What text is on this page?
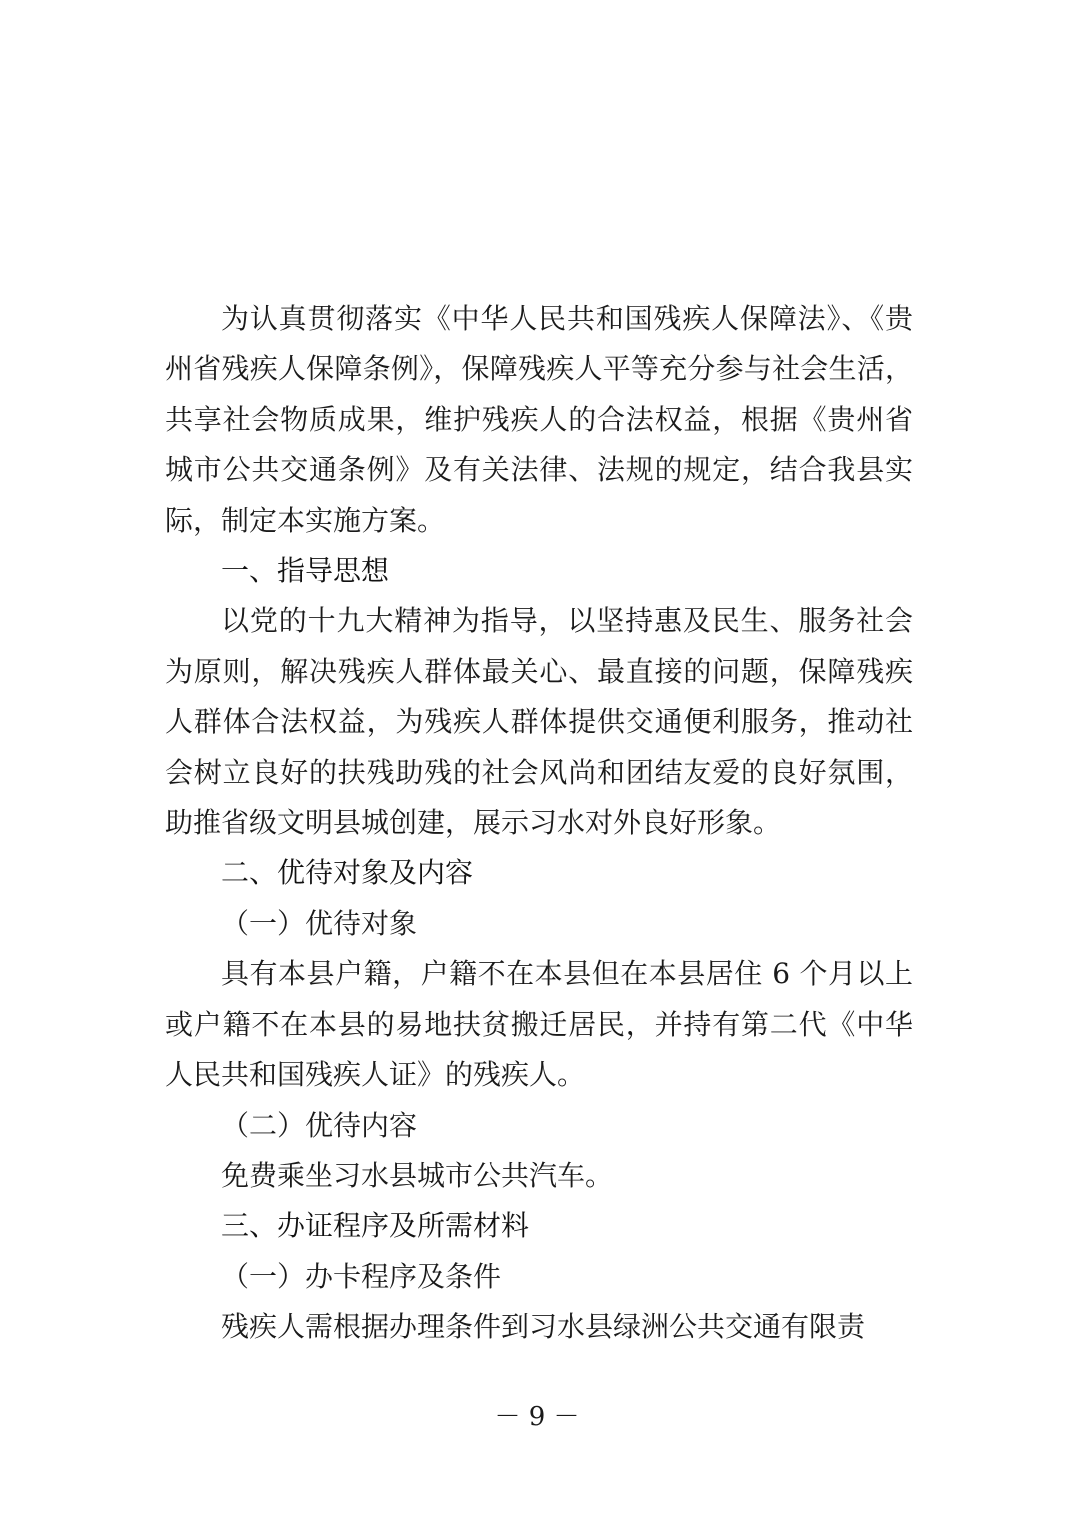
为认真贯彻落实《中华人民共和国残疾人保障法》、《贵州省残疾人保障条例》，保障残疾人平等充分参与社会生活，共享社会物质成果，维护残疾人的合法权益，根据《贵州省城市公共交通条例》及有关法律、法规的规定，结合我县实际，制定本实施方案。

一、指导思想

以党的十九大精神为指导，以坚持惠及民生、服务社会为原则，解决残疾人群体最关心、最直接的问题，保障残疾人群体合法权益，为残疾人群体提供交通便利服务，推动社会树立良好的扶残助残的社会风尚和团结友爱的良好氛围，助推省级文明县城创建，展示习水对外良好形象。

二、优待对象及内容

（一）优待对象

具有本县户籍，户籍不在本县但在本县居住 6 个月以上或户籍不在本县的易地扶贫搬迁居民，并持有第二代《中华人民共和国残疾人证》的残疾人。

（二）优待内容

免费乘坐习水县城市公共汽车。

三、办证程序及所需材料

（一）办卡程序及条件

残疾人需根据办理条件到习水县绿洲公共交通有限责

－ 9 －
